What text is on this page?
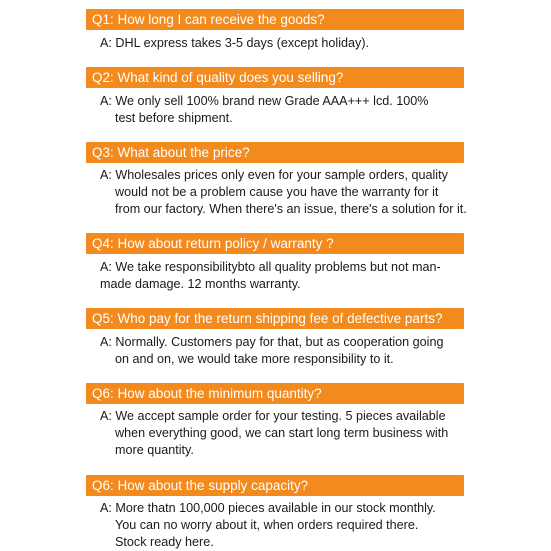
Q1: How long I can receive the goods?
A: DHL express takes 3-5 days (except holiday).
Q2: What kind of quality does you selling?
A: We only sell 100% brand new Grade AAA+++ lcd. 100%
test before shipment.
Q3: What about the price?
A: Wholesales prices only even for your sample orders, quality
would not be a problem cause you have the warranty for it
from our factory. When there's an issue, there's a solution for it.
Q4: How about return policy / warranty ?
A: We take responsibilitybto all quality problems but not man-
made damage. 12 months warranty.
Q5: Who pay for the return shipping fee of defective parts?
A: Normally. Customers pay for that, but as cooperation going
on and on, we would take more responsibility to it.
Q6: How about the minimum quantity?
A: We accept sample order for your testing. 5 pieces available
when everything good, we can start long term business with
more quantity.
Q6: How about the supply capacity?
A: More thatn 100,000 pieces available in our stock monthly.
You can no worry about it, when orders required there.
Stock ready here.
